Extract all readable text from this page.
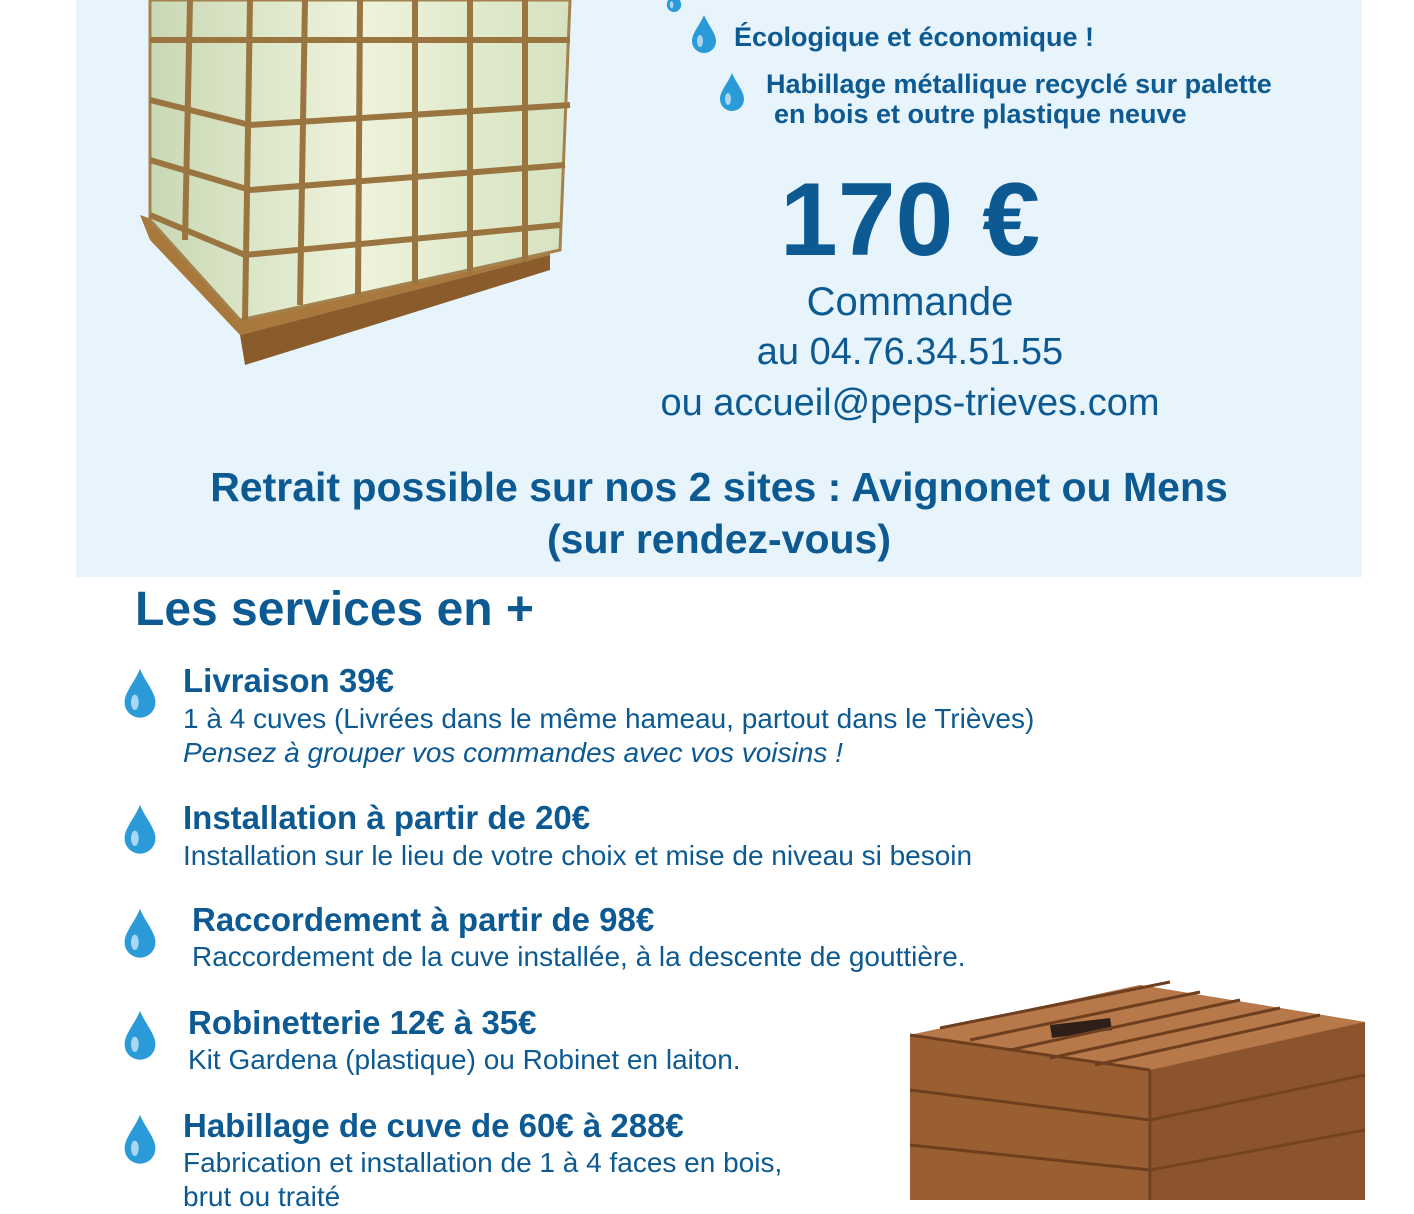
Écologique et économique !
Habillage métallique recyclé sur palette
en bois et outre plastique neuve
170 €
Commande
au 04.76.34.51.55
ou accueil@peps-trieves.com
Retrait possible sur nos 2 sites : Avignonet ou Mens
(sur rendez-vous)
Les services en +
Livraison 39€
1 à 4 cuves (Livrées dans le même hameau, partout dans le Trièves)
Pensez à grouper vos commandes avec vos voisins !
Installation à partir de 20€
Installation sur le lieu de votre choix et mise de niveau si besoin
Raccordement à partir de 98€
Raccordement de la cuve installée, à la descente de gouttière.
Robinetterie 12€ à 35€
Kit Gardena (plastique) ou Robinet en laiton.
Habillage de cuve de 60€ à 288€
Fabrication et installation de 1 à 4 faces en bois,
brut ou traité
